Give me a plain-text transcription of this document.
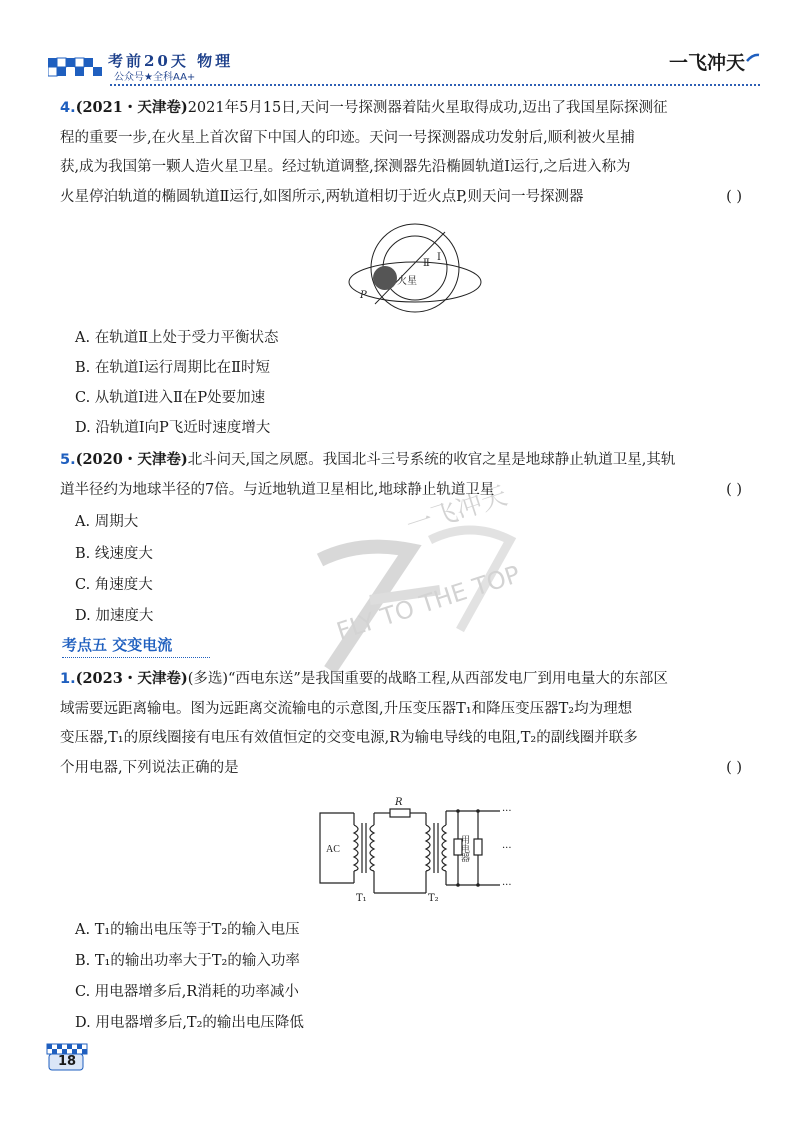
考前20天 物理
公众号★全科AA+
一飞冲天
一飞冲天
FLY TO THE TOP
4.(2021・天津卷)2021年5月15日,天问一号探测器着陆火星取得成功,迈出了我国星际探测征
程的重要一步,在火星上首次留下中国人的印迹。天问一号探测器成功发射后,顺利被火星捕
获,成为我国第一颗人造火星卫星。经过轨道调整,探测器先沿椭圆轨道Ⅰ运行,之后进入称为
火星停泊轨道的椭圆轨道Ⅱ运行,如图所示,两轨道相切于近火点P,则天问一号探测器	( )
火星
Ⅱ
Ⅰ
P
A. 在轨道Ⅱ上处于受力平衡状态
B. 在轨道Ⅰ运行周期比在Ⅱ时短
C. 从轨道Ⅰ进入Ⅱ在P处要加速
D. 沿轨道Ⅰ向P飞近时速度增大
5.(2020・天津卷)北斗问天,国之夙愿。我国北斗三号系统的收官之星是地球静止轨道卫星,其轨
道半径约为地球半径的7倍。与近地轨道卫星相比,地球静止轨道卫星	( )
A. 周期大
B. 线速度大
C. 角速度大
D. 加速度大
考点五 交变电流
1.(2023・天津卷)(多选)“西电东送”是我国重要的战略工程,从西部发电厂到用电量大的东部区
域需要远距离输电。图为远距离交流输电的示意图,升压变压器T₁和降压变压器T₂均为理想
变压器,T₁的原线圈接有电压有效值恒定的交变电源,R为输电导线的电阻,T₂的副线圈并联多
个用电器,下列说法正确的是	( )
AC
R
T₁	T₂
用电器
···
···
···
A. T₁的输出电压等于T₂的输入电压
B. T₁的输出功率大于T₂的输入功率
C. 用电器增多后,R消耗的功率减小
D. 用电器增多后,T₂的输出电压降低
18
